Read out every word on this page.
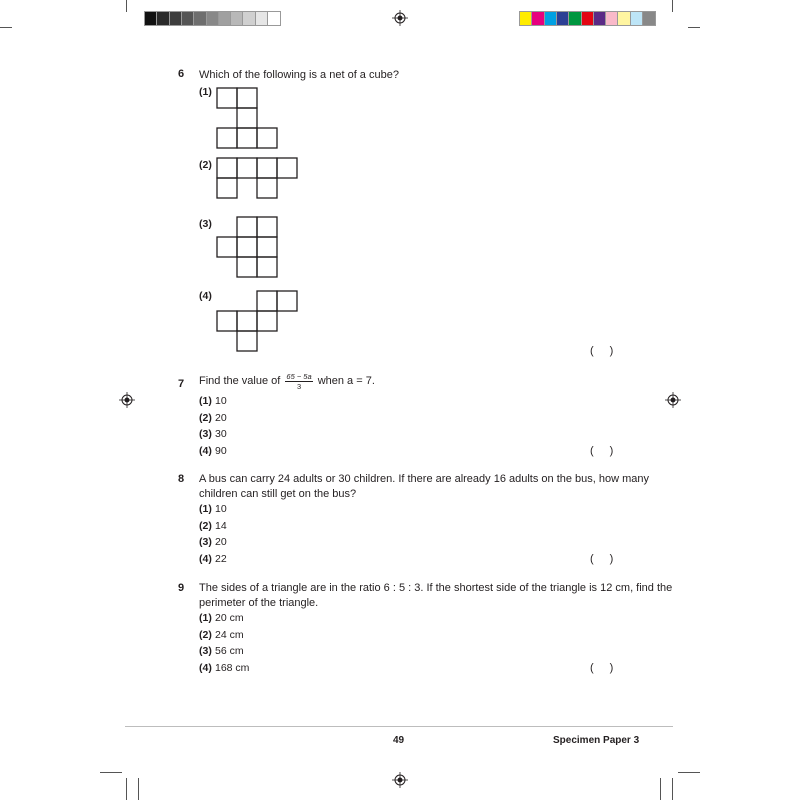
6 Which of the following is a net of a cube?
(1)
(2)
(3)
(4)
( )
7 Find the value of $\frac{65 - 5a}{3}$ when a = 7.
(1) 10
(2) 20
(3) 30
(4) 90	( )
8 A bus can carry 24 adults or 30 children. If there are already 16 adults on the bus, how many
children can still get on the bus?
(1) 10
(2) 14
(3) 20
(4) 22	( )
9 The sides of a triangle are in the ratio 6 : 5 : 3. If the shortest side of the triangle is 12 cm, find the
perimeter of the triangle.
(1) 20 cm
(2) 24 cm
(3) 56 cm
(4) 168 cm	( )
49	Specimen Paper 3
